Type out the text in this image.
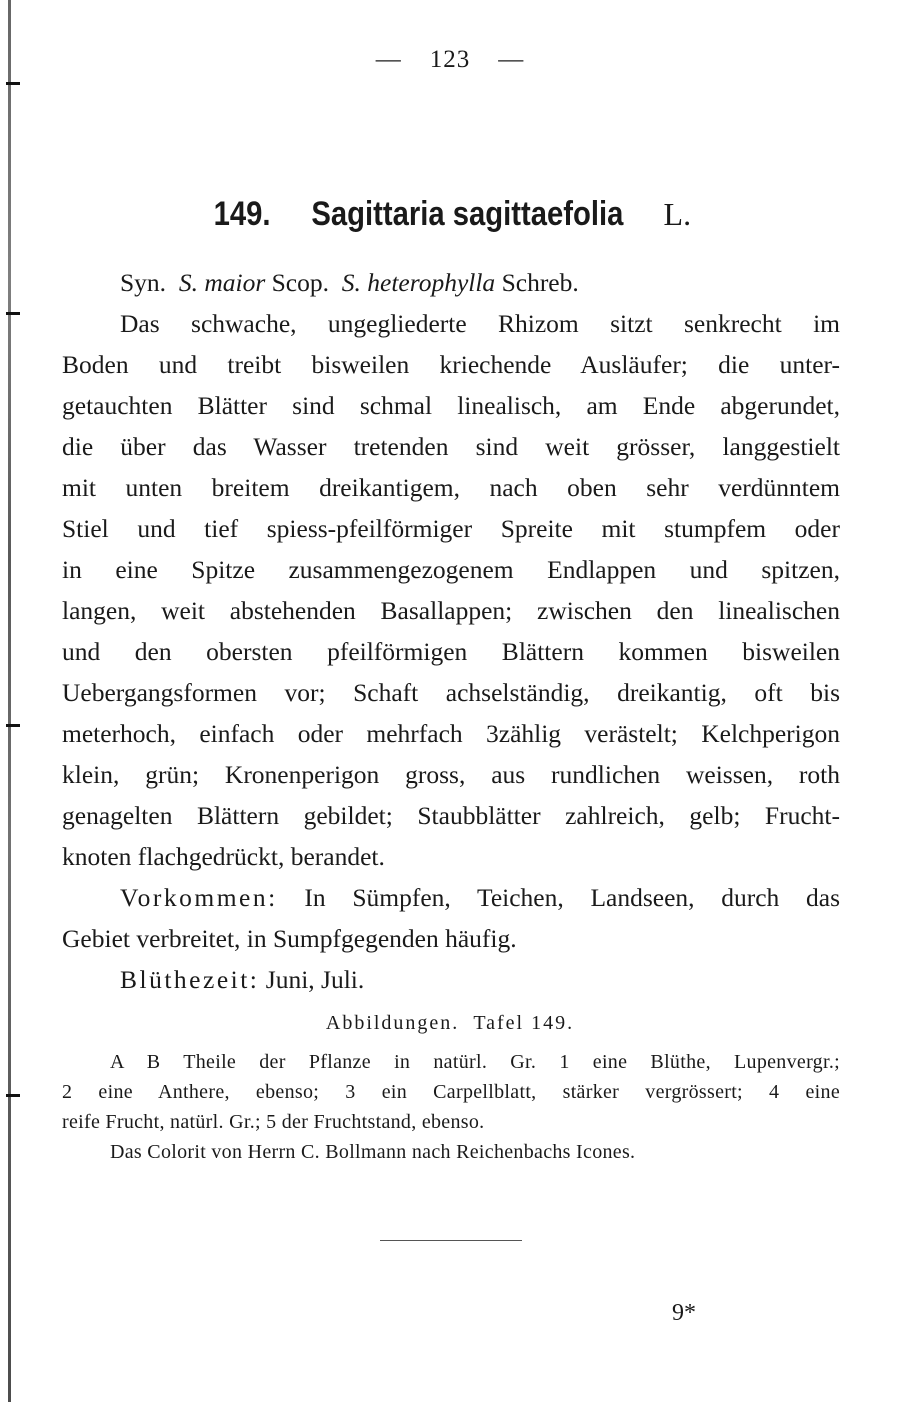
— 123 —
149. Sagittaria sagittaefolia L.
Syn. S. maior Scop. S. heterophylla Schreb.
Das schwache, ungegliederte Rhizom sitzt senkrecht im
Boden und treibt bisweilen kriechende Ausläufer; die unter-
getauchten Blätter sind schmal linealisch, am Ende abgerundet,
die über das Wasser tretenden sind weit grösser, langgestielt
mit unten breitem dreikantigem, nach oben sehr verdünntem
Stiel und tief spiess-pfeilförmiger Spreite mit stumpfem oder
in eine Spitze zusammengezogenem Endlappen und spitzen,
langen, weit abstehenden Basallappen; zwischen den linealischen
und den obersten pfeilförmigen Blättern kommen bisweilen
Uebergangsformen vor; Schaft achselständig, dreikantig, oft bis
meterhoch, einfach oder mehrfach 3zählig verästelt; Kelchperigon
klein, grün; Kronenperigon gross, aus rundlichen weissen, roth
genagelten Blättern gebildet; Staubblätter zahlreich, gelb; Frucht-
knoten flachgedrückt, berandet.
Vorkommen: In Sümpfen, Teichen, Landseen, durch das
Gebiet verbreitet, in Sumpfgegenden häufig.
Blüthezeit: Juni, Juli.
Abbildungen. Tafel 149.
A B Theile der Pflanze in natürl. Gr. 1 eine Blüthe, Lupenvergr.;
2 eine Anthere, ebenso; 3 ein Carpellblatt, stärker vergrössert; 4 eine
reife Frucht, natürl. Gr.; 5 der Fruchtstand, ebenso.
Das Colorit von Herrn C. Bollmann nach Reichenbachs Icones.
9*
